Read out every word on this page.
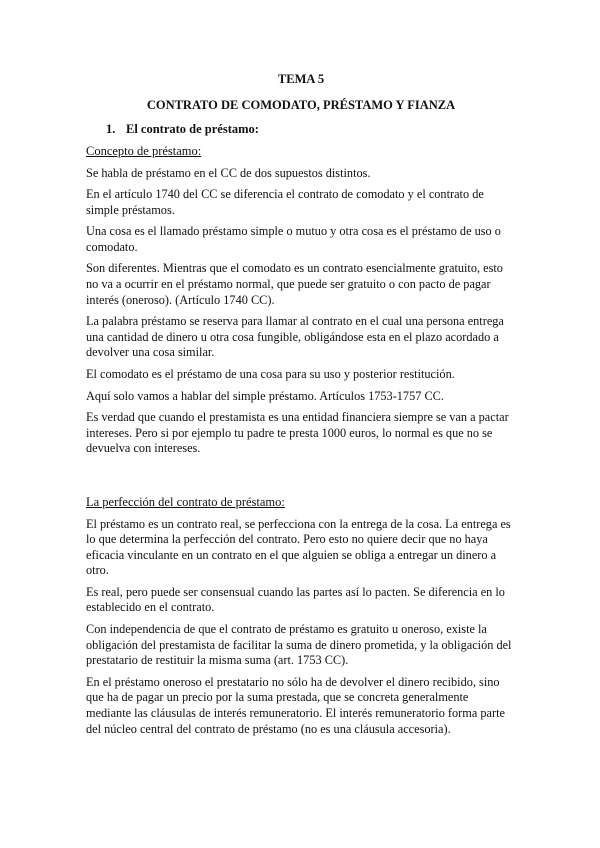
TEMA 5
CONTRATO DE COMODATO, PRÉSTAMO Y FIANZA
1. El contrato de préstamo:
Concepto de préstamo:

Se habla de préstamo en el CC de dos supuestos distintos.

En el artículo 1740 del CC se diferencia el contrato de comodato y el contrato de simple préstamos.

Una cosa es el llamado préstamo simple o mutuo y otra cosa es el préstamo de uso o comodato.

Son diferentes. Mientras que el comodato es un contrato esencialmente gratuito, esto no va a ocurrir en el préstamo normal, que puede ser gratuito o con pacto de pagar interés (oneroso). (Artículo 1740 CC).

La palabra préstamo se reserva para llamar al contrato en el cual una persona entrega una cantidad de dinero u otra cosa fungible, obligándose esta en el plazo acordado a devolver una cosa similar.

El comodato es el préstamo de una cosa para su uso y posterior restitución.

Aquí solo vamos a hablar del simple préstamo. Artículos 1753-1757 CC.

Es verdad que cuando el prestamista es una entidad financiera siempre se van a pactar intereses. Pero si por ejemplo tu padre te presta 1000 euros, lo normal es que no se devuelva con intereses.

La perfección del contrato de préstamo:

El préstamo es un contrato real, se perfecciona con la entrega de la cosa. La entrega es lo que determina la perfección del contrato. Pero esto no quiere decir que no haya eficacia vinculante en un contrato en el que alguien se obliga a entregar un dinero a otro.

Es real, pero puede ser consensual cuando las partes así lo pacten. Se diferencia en lo establecido en el contrato.

Con independencia de que el contrato de préstamo es gratuito u oneroso, existe la obligación del prestamista de facilitar la suma de dinero prometida, y la obligación del prestatario de restituir la misma suma (art. 1753 CC).

En el préstamo oneroso el prestatario no sólo ha de devolver el dinero recibido, sino que ha de pagar un precio por la suma prestada, que se concreta generalmente mediante las cláusulas de interés remuneratorio. El interés remuneratorio forma parte del núcleo central del contrato de préstamo (no es una cláusula accesoria).
